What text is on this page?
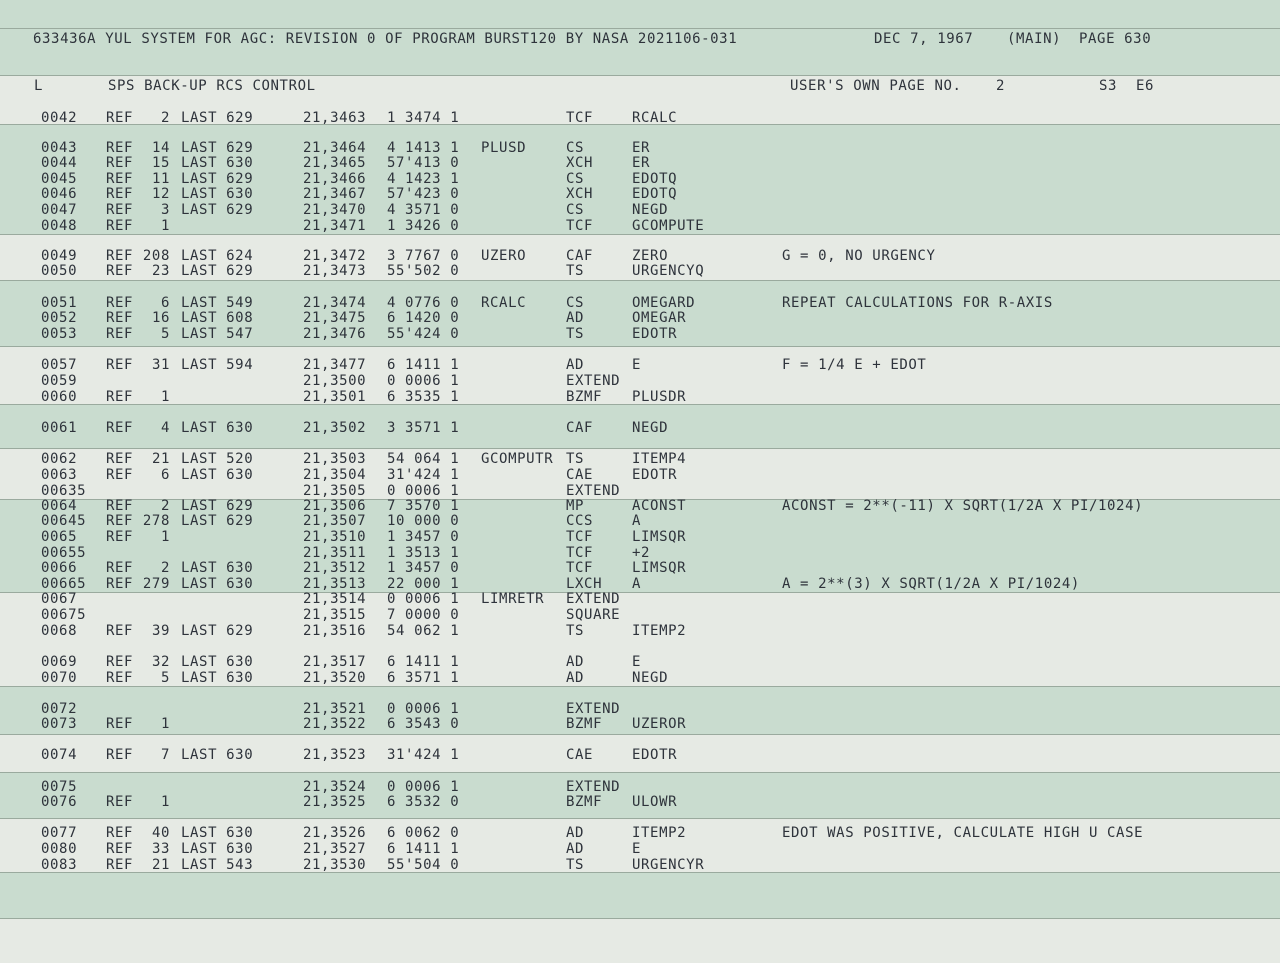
633436A YUL SYSTEM FOR AGC: REVISION 0 OF PROGRAM BURST120 BY NASA 2021106-031	DEC 7, 1967 (MAIN) PAGE 630
L	SPS BACK-UP RCS CONTROL	USER'S OWN PAGE NO. 2	S3 E6
0042 REF 2 LAST 629	21,3463 1 3474 1	TCF	RCALC
0043 REF 14 LAST 629	21,3464 4 1413 1 PLUSD	CS	ER
0044 REF 15 LAST 630	21,3465 57'413 0	XCH	ER
0045 REF 11 LAST 629	21,3466 4 1423 1	CS	EDOTQ
0046 REF 12 LAST 630	21,3467 57'423 0	XCH	EDOTQ
0047 REF 3 LAST 629	21,3470 4 3571 0	CS	NEGD
0048 REF 1	21,3471 1 3426 0	TCF	GCOMPUTE
0049 REF 208 LAST 624	21,3472 3 7767 0 UZERO	CAF	ZERO	G = 0, NO URGENCY
0050 REF 23 LAST 629	21,3473 55'502 0	TS	URGENCYQ
0051 REF 6 LAST 549	21,3474 4 0776 0 RCALC	CS	OMEGARD	REPEAT CALCULATIONS FOR R-AXIS
0052 REF 16 LAST 608	21,3475 6 1420 0	AD	OMEGAR
0053 REF 5 LAST 547	21,3476 55'424 0	TS	EDOTR
0057 REF 31 LAST 594	21,3477 6 1411 1	AD	E	F = 1/4 E + EDOT
0059	21,3500 0 0006 1	EXTEND
0060 REF 1	21,3501 6 3535 1	BZMF PLUSDR
0061 REF 4 LAST 630	21,3502 3 3571 1	CAF	NEGD
0062 REF 21 LAST 520	21,3503 54 064 1 GCOMPUTR TS	ITEMP4
0063 REF 6 LAST 630	21,3504 31'424 1	CAE	EDOTR
00635	21,3505 0 0006 1	EXTEND
0064 REF 2 LAST 629	21,3506 7 3570 1	MP	ACONST	ACONST = 2**(-11) X SQRT(1/2A X PI/1024)
00645 REF 278 LAST 629	21,3507 10 000 0	CCS	A
0065 REF 1	21,3510 1 3457 0	TCF	LIMSQR
00655	21,3511 1 3513 1	TCF	+2
0066 REF 2 LAST 630	21,3512 1 3457 0	TCF	LIMSQR
00665 REF 279 LAST 630	21,3513 22 000 1	LXCH A	A = 2**(3) X SQRT(1/2A X PI/1024)
0067	21,3514 0 0006 1 LIMRETR EXTEND
00675	21,3515 7 0000 0	SQUARE
0068 REF 39 LAST 629	21,3516 54 062 1	TS	ITEMP2
0069 REF 32 LAST 630	21,3517 6 1411 1	AD	E
0070 REF 5 LAST 630	21,3520 6 3571 1	AD	NEGD
0072	21,3521 0 0006 1	EXTEND
0073 REF 1	21,3522 6 3543 0	BZMF UZEROR
0074 REF 7 LAST 630	21,3523 31'424 1	CAE	EDOTR
0075	21,3524 0 0006 1	EXTEND
0076 REF 1	21,3525 6 3532 0	BZMF ULOWR
0077 REF 40 LAST 630	21,3526 6 0062 0	AD	ITEMP2	EDOT WAS POSITIVE, CALCULATE HIGH U CASE
0080 REF 33 LAST 630	21,3527 6 1411 1	AD	E
0083 REF 21 LAST 543	21,3530 55'504 0	TS	URGENCYR
